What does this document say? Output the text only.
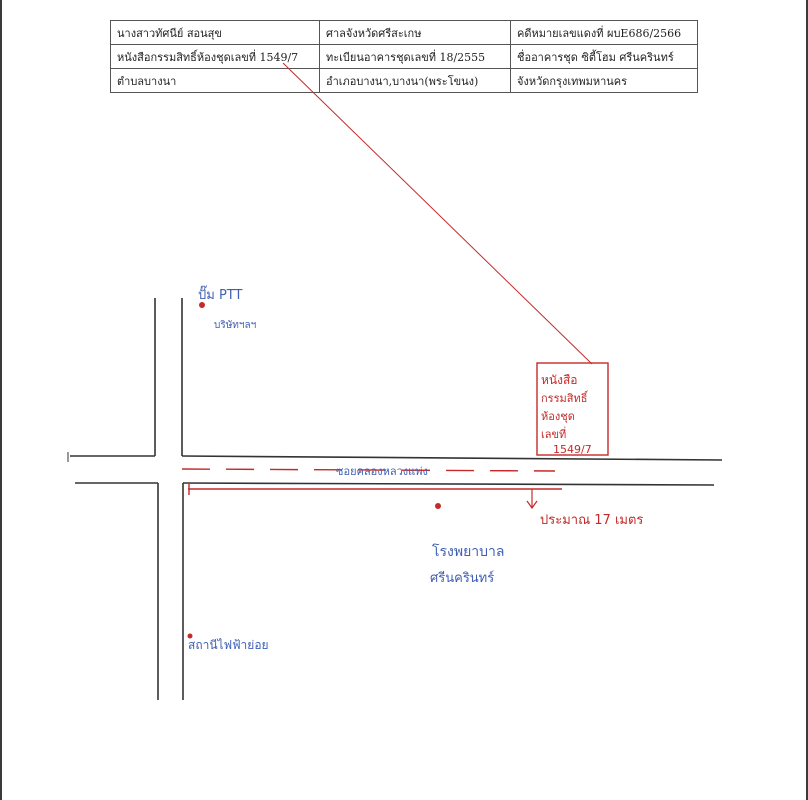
นางสาวทัศนีย์ สอนสุข	ศาลจังหวัดศรีสะเกษ	คดีหมายเลขแดงที่ ผบE686/2566
หนังสือกรรมสิทธิ์ห้องชุดเลขที่ 1549/7	ทะเบียนอาคารชุดเลขที่ 18/2555	ชื่ออาคารชุด ซิตี้โฮม ศรีนครินทร์
ตำบลบางนา	อำเภอบางนา,บางนา(พระโขนง)	จังหวัดกรุงเทพมหานคร
หนังสือ
กรรมสิทธิ์
ห้องชุด
เลขที่
1549/7
ปั๊ม PTT
บริษัทฯลฯ
ซอยคลองหลวงแพ่ง
ประมาณ 17 เมตร
โรงพยาบาล
ศรีนครินทร์
สถานีไฟฟ้าย่อย
